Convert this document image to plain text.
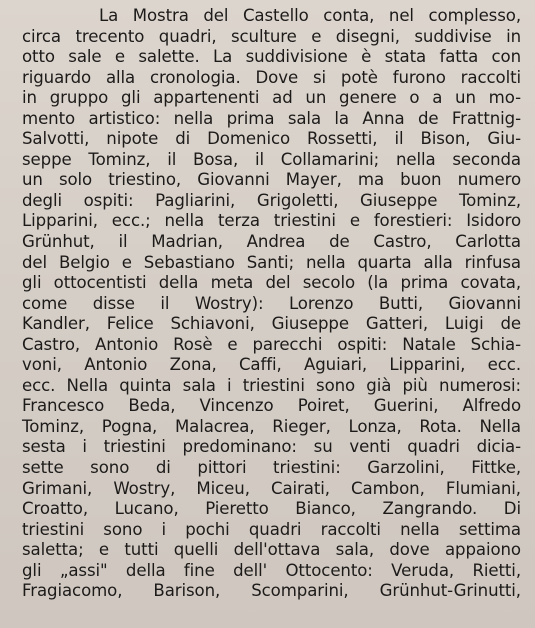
La Mostra del Castello conta, nel complesso,
circa trecento quadri, sculture e disegni, suddivise in
otto sale e salette. La suddivisione è stata fatta con
riguardo alla cronologia. Dove si potè furono raccolti
in gruppo gli appartenenti ad un genere o a un mo-
mento artistico: nella prima sala la Anna de Frattnig-
Salvotti, nipote di Domenico Rossetti, il Bison, Giu-
seppe Tominz, il Bosa, il Collamarini; nella seconda
un solo triestino, Giovanni Mayer, ma buon numero
degli ospiti: Pagliarini, Grigoletti, Giuseppe Tominz,
Lipparini, ecc.; nella terza triestini e forestieri: Isidoro
Grünhut, il Madrian, Andrea de Castro, Carlotta
del Belgio e Sebastiano Santi; nella quarta alla rinfusa
gli ottocentisti della meta del secolo (la prima covata,
come disse il Wostry): Lorenzo Butti, Giovanni
Kandler, Felice Schiavoni, Giuseppe Gatteri, Luigi de
Castro, Antonio Rosè e parecchi ospiti: Natale Schia-
voni, Antonio Zona, Caffi, Aguiari, Lipparini, ecc.
ecc. Nella quinta sala i triestini sono già più numerosi:
Francesco Beda, Vincenzo Poiret, Guerini, Alfredo
Tominz, Pogna, Malacrea, Rieger, Lonza, Rota. Nella
sesta i triestini predominano: su venti quadri dicia-
sette sono di pittori triestini: Garzolini, Fittke,
Grimani, Wostry, Miceu, Cairati, Cambon, Flumiani,
Croatto, Lucano, Pieretto Bianco, Zangrando. Di
triestini sono i pochi quadri raccolti nella settima
saletta; e tutti quelli dell'ottava sala, dove appaiono
gli „assi" della fine dell' Ottocento: Veruda, Rietti,
Fragiacomo, Barison, Scomparini, Grünhut-Grinutti,
